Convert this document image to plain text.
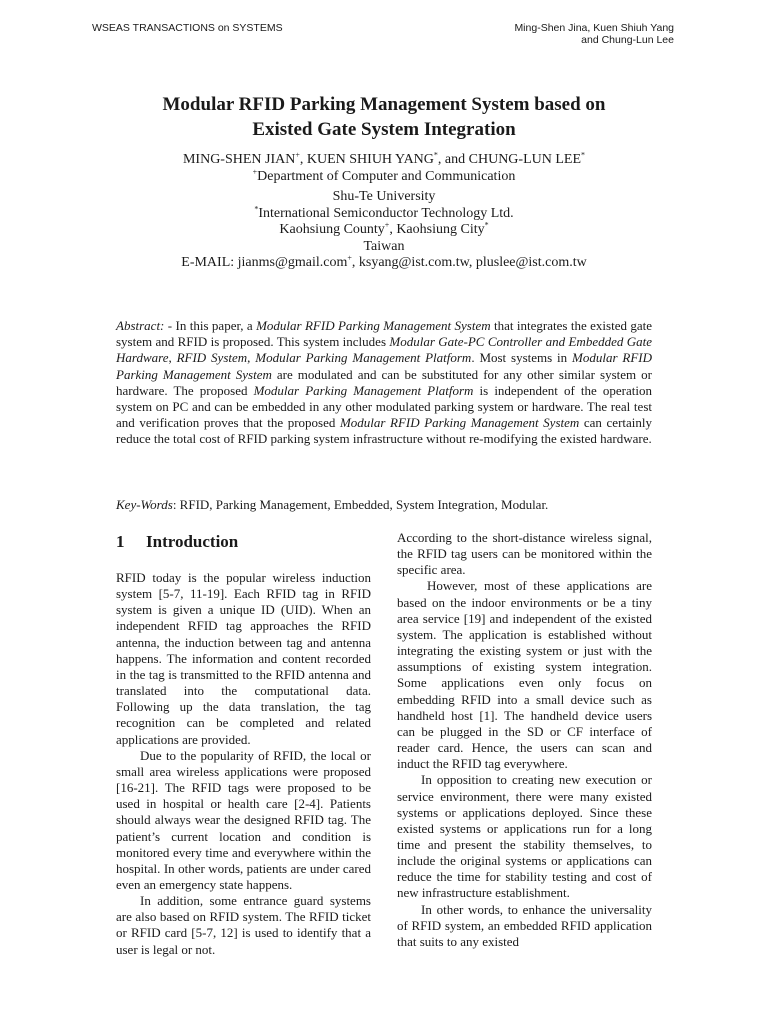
WSEAS TRANSACTIONS on SYSTEMS	Ming-Shen Jina, Kuen Shiuh Yang
and Chung-Lun Lee
Modular RFID Parking Management System based on
Existed Gate System Integration
MING-SHEN JIAN+, KUEN SHIUH YANG*, and CHUNG-LUN LEE*
+Department of Computer and Communication
Shu-Te University
*International Semiconductor Technology Ltd.
Kaohsiung County+, Kaohsiung City*
Taiwan
E-MAIL: jianms@gmail.com+, ksyang@ist.com.tw, pluslee@ist.com.tw

Abstract: - In this paper, a Modular RFID Parking Management System that integrates the existed gate system and RFID is proposed. This system includes Modular Gate-PC Controller and Embedded Gate Hardware, RFID System, Modular Parking Management Platform. Most systems in Modular RFID Parking Management System are modulated and can be substituted for any other similar system or hardware. The proposed Modular Parking Management Platform is independent of the operation system on PC and can be embedded in any other modulated parking system or hardware. The real test and verification proves that the proposed Modular RFID Parking Management System can certainly reduce the total cost of RFID parking system infrastructure without re-modifying the existed hardware.

Key-Words: RFID, Parking Management, Embedded, System Integration, Modular.

1 Introduction

RFID today is the popular wireless induction system [5-7, 11-19]. Each RFID tag in RFID system is given a unique ID (UID). When an independent RFID tag approaches the RFID antenna, the induction between tag and antenna happens. The information and content recorded in the tag is transmitted to the RFID antenna and translated into the computational data. Following up the data translation, the tag recognition can be completed and related applications are provided.

Due to the popularity of RFID, the local or small area wireless applications were proposed [16-21]. The RFID tags were proposed to be used in hospital or health care [2-4]. Patients should always wear the designed RFID tag. The patient’s current location and condition is monitored every time and everywhere within the hospital. In other words, patients are under cared even an emergency state happens.

In addition, some entrance guard systems are also based on RFID system. The RFID ticket or RFID card [5-7, 12] is used to identify that a user is legal or not.

According to the short-distance wireless signal, the RFID tag users can be monitored within the specific area.

However, most of these applications are based on the indoor environments or be a tiny area service [19] and independent of the existed system. The application is established without integrating the existing system or just with the assumptions of existing system integration. Some applications even only focus on embedding RFID into a small device such as handheld host [1]. The handheld device users can be plugged in the SD or CF interface of reader card. Hence, the users can scan and induct the RFID tag everywhere.

In opposition to creating new execution or service environment, there were many existed systems or applications deployed. Since these existed systems or applications run for a long time and present the stability themselves, to include the original systems or applications can reduce the time for stability testing and cost of new infrastructure establishment.

In other words, to enhance the universality of RFID system, an embedded RFID application that suits to any existed
